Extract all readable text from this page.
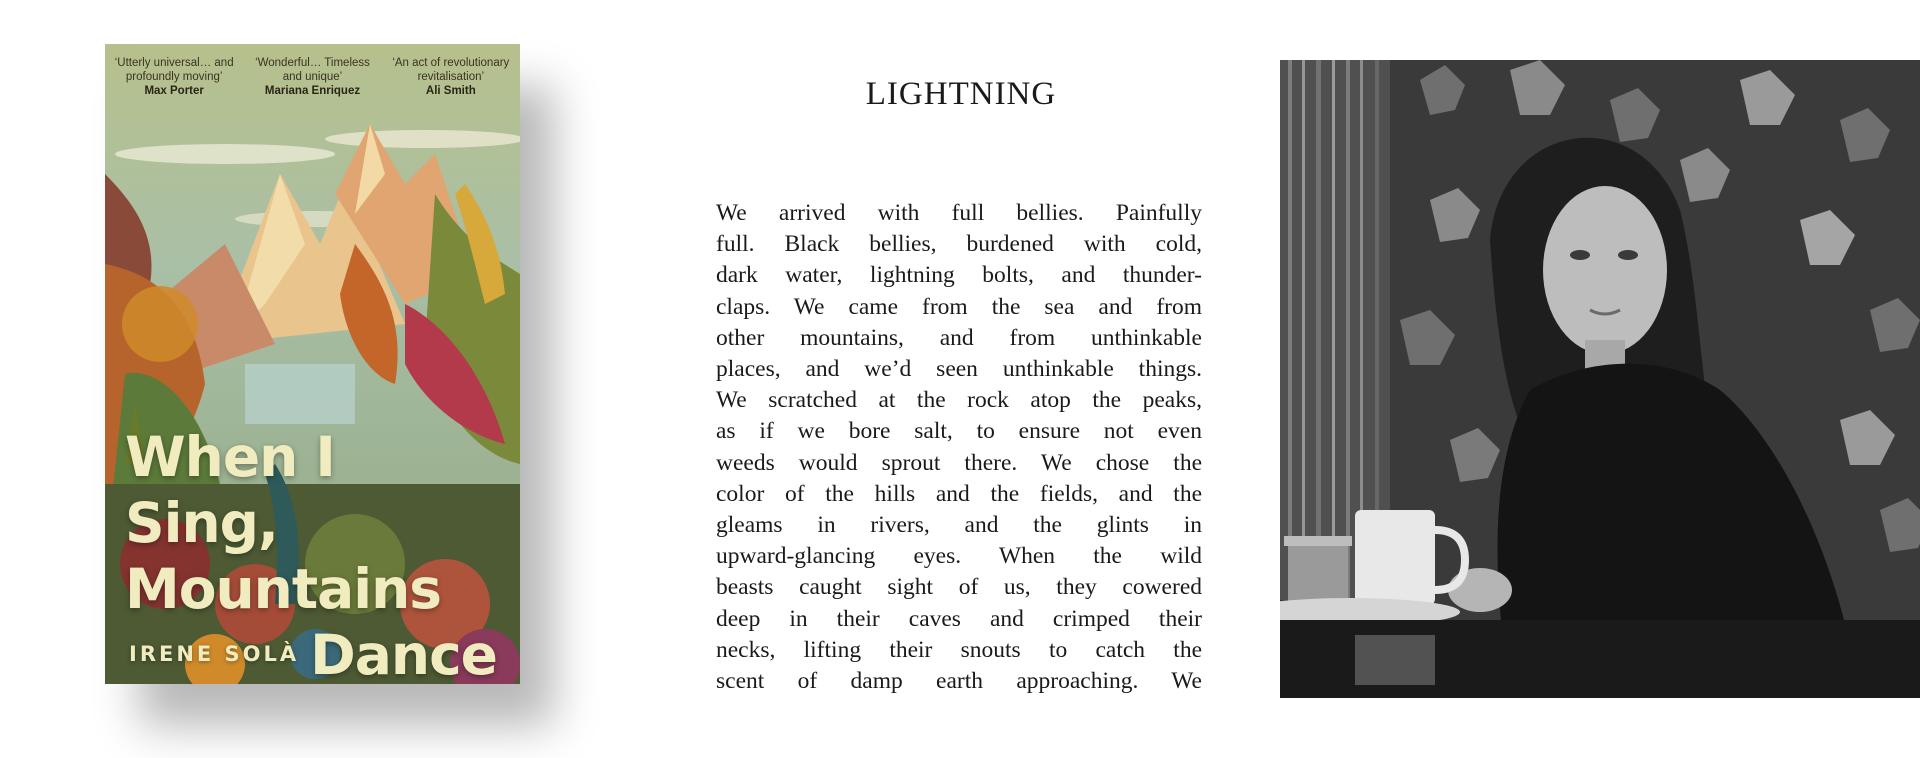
‘Utterly universal… and profoundly moving’
Max Porter
‘Wonderful… Timeless and unique’
Mariana Enriquez
‘An act of revolutionary revitalisation’
Ali Smith
When I Sing,
Mountains
Dance
IRENE SOLÀ
LIGHTNING
We arrived with full bellies. Painfully
full. Black bellies, burdened with cold,
dark water, lightning bolts, and thunder-
claps. We came from the sea and from
other mountains, and from unthinkable
places, and we’d seen unthinkable things.
We scratched at the rock atop the peaks,
as if we bore salt, to ensure not even
weeds would sprout there. We chose the
color of the hills and the fields, and the
gleams in rivers, and the glints in
upward-glancing eyes. When the wild
beasts caught sight of us, they cowered
deep in their caves and crimped their
necks, lifting their snouts to catch the
scent of damp earth approaching. We
